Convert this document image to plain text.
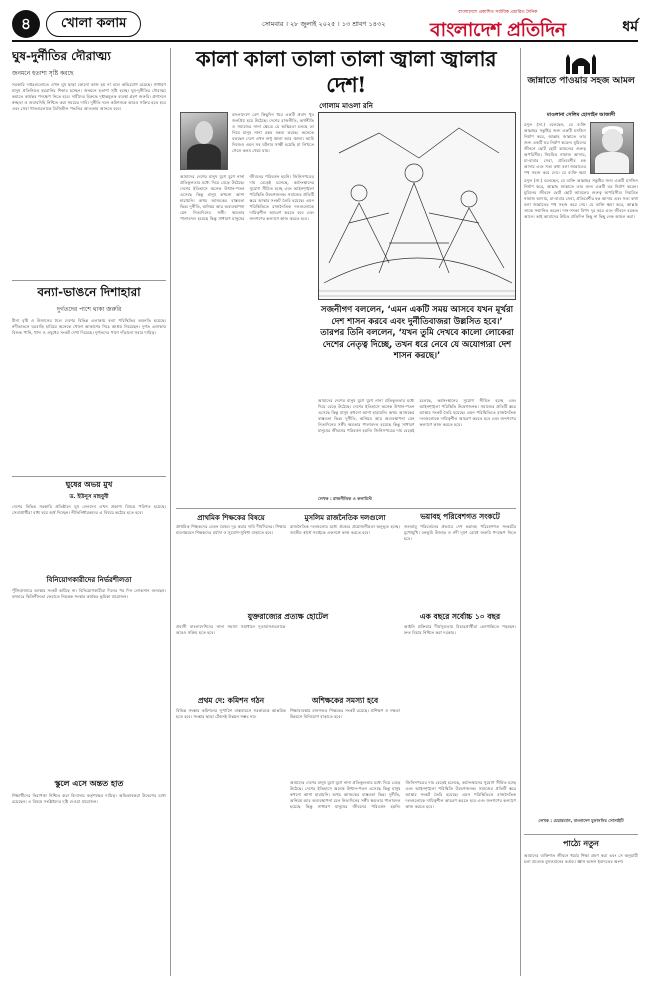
৪	খোলা কলাম	সোমবার । ২৮ জুলাই ২০২৫ । ১৩ শ্রাবণ ১৪৩২
বাংলাদেশে প্রকাশিত সর্বাধিক প্রচারিত দৈনিক
বাংলাদেশ প্রতিদিন	ধর্ম
ঘুষ-দুর্নীতির দৌরাত্ম্য
জনমনে হতাশা সৃষ্টি করছে
সরকারি দপ্তরগুলোতে এখন ঘুষ ছাড়া কোনো কাজ হয় না বলে অভিযোগ রয়েছে। সাধারণ মানুষ প্রতিনিয়ত হয়রানির শিকার হচ্ছেন। জনমনে হতাশা সৃষ্টি হচ্ছে। ঘুষ-দুর্নীতির দৌরাত্ম্য কমাতে কার্যকর পদক্ষেপ নিতে হবে। দায়ীদের বিরুদ্ধে দৃষ্টান্তমূলক ব্যবস্থা গ্রহণ জরুরি। প্রশাসনে স্বচ্ছতা ও জবাবদিহি নিশ্চিত করা সময়ের দাবি। দুর্নীতি দমন কমিশনকে আরও সক্রিয় হতে হবে এবং সেবা খাতগুলোকে ডিজিটাল পদ্ধতির আওতায় আনতে হবে।
বন্যা-ভাঙনে দিশাহারা
দুর্গতদের পাশে থাকা জরুরি
টানা বৃষ্টি ও উজানের ঢলে দেশের বিভিন্ন এলাকায় বন্যা পরিস্থিতির অবনতি হয়েছে। নদীভাঙনে ঘরবাড়ি হারিয়ে অনেকে খোলা আকাশের নিচে আশ্রয় নিয়েছেন। দুর্গত এলাকায় বিশুদ্ধ পানি, খাদ্য ও ওষুধের সংকট দেখা দিয়েছে। দুর্গতদের পাশে দাঁড়ানো সবার দায়িত্ব।
ঘুষের অভয় মুখ
ড. ইউনূস মাহবুবী
দেশের বিভিন্ন সরকারি প্রতিষ্ঠানে ঘুষ লেনদেন এখন প্রকাশ্য বিষয়ে পরিণত হয়েছে। সেবাপ্রার্থীরা বাধ্য হয়ে অর্থ দিচ্ছেন। নীতিনির্ধারকদের এ বিষয়ে কঠোর হতে হবে।
বিনিয়োগকারীদের নির্ভরশীলতা
পুঁজিবাজারে আস্থার সংকট কাটছে না। বিনিয়োগকারীরা দিনের পর দিন লোকসান গুনছেন। বাজারে স্থিতিশীলতা ফেরাতে নিয়ন্ত্রক সংস্থার কার্যকর ভূমিকা প্রয়োজন।
স্কুলে এসে অন্তত হাত
শিক্ষার্থীদের নিরাপত্তা নিশ্চিত করা বিদ্যালয় কর্তৃপক্ষের দায়িত্ব। অভিভাবকরা উদ্বেগের মধ্যে রয়েছেন। এ বিষয়ে সংশ্লিষ্টদের দৃষ্টি দেওয়া প্রয়োজন।
কালা কালা তালা তালা জ্বালা জ্বালার দেশ!
গোলাম মাওলা রনি
বাংলাদেশে বেশ কিছুদিন ধরে একটি প্রবাদ খুব জনপ্রিয় হয়ে উঠেছে। দেশের রাজনীতি, অর্থনীতি ও সমাজের নানা ক্ষেত্রে যে অস্থিরতা চলছে তা নিয়ে মানুষ নানা রকম মন্তব্য করছে। অনেকে বলছেন দেশে এখন শুধু জ্বালা আর জ্বালা। আমি নিজেও এমন সব ঘটনার সাক্ষী হয়েছি যা লিখতে গেলে কলম থেমে যায়।
আমাদের দেশের মানুষ যুগে যুগে নানা প্রতিকূলতার মধ্যে দিয়ে বেড়ে উঠেছে। দেশের ইতিহাসে অনেক উত্থান-পতন এসেছে কিন্তু মানুষ কখনো আশা হারায়নি। অথচ আজকের বাস্তবতা ভিন্ন। দুর্নীতি, অনিয়ম আর অব্যবস্থাপনা যেন নিত্যদিনের সঙ্গী। ক্ষমতার পালাবদল হয়েছে কিন্তু সাধারণ মানুষের জীবনের পরিবর্তন হয়নি। জিনিসপত্রের দাম বেড়েই চলেছে, কর্মসংস্থানের সুযোগ সীমিত হচ্ছে এবং আইনশৃঙ্খলা পরিস্থিতি উদ্বেগজনক। সমাজের প্রতিটি স্তরে আস্থার সংকট তৈরি হয়েছে। এমন পরিস্থিতিতে রাজনৈতিক দলগুলোকে দায়িত্বশীল আচরণ করতে হবে এবং জনগণের কল্যাণে কাজ করতে হবে।
সজনীগণ বললেন, ‘এমন একটি সময় আসবে যখন মূর্খরা দেশ শাসন করবে এবং দুর্নীতিবাজরা উল্লসিত হবে।’ তারপর তিনি বললেন, ‘যখন তুমি দেখবে কালো লোকেরা দেশের নেতৃত্ব দিচ্ছে, তখন ধরে নেবে যে অযোগ্যরা দেশ শাসন করছে।’
আমাদের দেশের মানুষ যুগে যুগে নানা প্রতিকূলতার মধ্যে দিয়ে বেড়ে উঠেছে। দেশের ইতিহাসে অনেক উত্থান-পতন এসেছে কিন্তু মানুষ কখনো আশা হারায়নি। অথচ আজকের বাস্তবতা ভিন্ন। দুর্নীতি, অনিয়ম আর অব্যবস্থাপনা যেন নিত্যদিনের সঙ্গী। ক্ষমতার পালাবদল হয়েছে কিন্তু সাধারণ মানুষের জীবনের পরিবর্তন হয়নি। জিনিসপত্রের দাম বেড়েই চলেছে, কর্মসংস্থানের সুযোগ সীমিত হচ্ছে এবং আইনশৃঙ্খলা পরিস্থিতি উদ্বেগজনক। সমাজের প্রতিটি স্তরে আস্থার সংকট তৈরি হয়েছে। এমন পরিস্থিতিতে রাজনৈতিক দলগুলোকে দায়িত্বশীল আচরণ করতে হবে এবং জনগণের কল্যাণে কাজ করতে হবে।
লেখক : রাজনীতিক ও কলামিস্ট
প্রাথমিক শিক্ষকের বিষয়ে
প্রাথমিক শিক্ষকদের বেতন বৈষম্য দূর করার দাবি দীর্ঘদিনের। শিক্ষার মানোন্নয়নে শিক্ষকদের মর্যাদা ও সুযোগ-সুবিধা বাড়াতে হবে।
মুসলিম রাজনৈতিক দলগুলো
রাজনৈতিক দলগুলোর মধ্যে ঐক্যের প্রয়োজনীয়তা অনুভূত হচ্ছে। জাতীয় স্বার্থে সবাইকে একসঙ্গে কাজ করতে হবে।
ভয়াবহ পরিবেশগত সংকটে
জলবায়ু পরিবর্তনের প্রভাবে দেশ ভয়াবহ পরিবেশগত সংকটের মুখোমুখি। বনভূমি উজাড় ও নদী দূষণ রোধে জরুরি পদক্ষেপ নিতে হবে।
যুক্তরাজ্যের প্রত্যক্ষ হোটেল
প্রবাসী বাংলাদেশিদের নানা সমস্যা সমাধানে দূতাবাসগুলোকে আরও সক্রিয় হতে হবে।
অশিক্ষকের সমস্যা হবে
শিক্ষাব্যবস্থায় মানসম্মত শিক্ষকের সংকট রয়েছে। প্রশিক্ষণ ও দক্ষতা উন্নয়নে বিনিয়োগ বাড়াতে হবে।
এক বছরে সর্বোচ্চ ১০ বছর
আইনি প্রক্রিয়ার দীর্ঘসূত্রতায় বিচারপ্রার্থীরা ভোগান্তিতে পড়ছেন। দ্রুত বিচার নিশ্চিত করা দরকার।
প্রথম দে: কমিশন গঠন
বিভিন্ন সংস্কার কমিশনের সুপারিশ বাস্তবায়নে সরকারকে আন্তরিক হতে হবে। সংস্কার ছাড়া টেকসই উন্নয়ন সম্ভব নয়।
আমাদের দেশের মানুষ যুগে যুগে নানা প্রতিকূলতার মধ্যে দিয়ে বেড়ে উঠেছে। দেশের ইতিহাসে অনেক উত্থান-পতন এসেছে কিন্তু মানুষ কখনো আশা হারায়নি। অথচ আজকের বাস্তবতা ভিন্ন। দুর্নীতি, অনিয়ম আর অব্যবস্থাপনা যেন নিত্যদিনের সঙ্গী। ক্ষমতার পালাবদল হয়েছে কিন্তু সাধারণ মানুষের জীবনের পরিবর্তন হয়নি। জিনিসপত্রের দাম বেড়েই চলেছে, কর্মসংস্থানের সুযোগ সীমিত হচ্ছে এবং আইনশৃঙ্খলা পরিস্থিতি উদ্বেগজনক। সমাজের প্রতিটি স্তরে আস্থার সংকট তৈরি হয়েছে। এমন পরিস্থিতিতে রাজনৈতিক দলগুলোকে দায়িত্বশীল আচরণ করতে হবে এবং জনগণের কল্যাণে কাজ করতে হবে।
জান্নাতে পাওয়ার সহজ আমল
মাওলানা সেলিম হোসাইন আজাদী
রসুল (সা.) বলেছেন, যে ব্যক্তি আল্লাহর সন্তুষ্টির জন্য একটি মসজিদ নির্মাণ করে, আল্লাহ জান্নাতে তার জন্য একটি ঘর নির্মাণ করেন। মুমিনের জীবনে ছোট ছোট আমলের গুরুত্ব অপরিসীম। নিয়মিত নামাজ আদায়, মা-বাবার সেবা, প্রতিবেশীর হক আদায় এবং সত্য কথা বলা জান্নাতের পথ সহজ করে দেয়। যে ব্যক্তি ক্ষমা
রসুল (সা.) বলেছেন, যে ব্যক্তি আল্লাহর সন্তুষ্টির জন্য একটি মসজিদ নির্মাণ করে, আল্লাহ জান্নাতে তার জন্য একটি ঘর নির্মাণ করেন। মুমিনের জীবনে ছোট ছোট আমলের গুরুত্ব অপরিসীম। নিয়মিত নামাজ আদায়, মা-বাবার সেবা, প্রতিবেশীর হক আদায় এবং সত্য কথা বলা জান্নাতের পথ সহজ করে দেয়। যে ব্যক্তি ক্ষমা করে, আল্লাহ তাকে সম্মানিত করেন। দান-সদকা বিপদ দূর করে এবং জীবনে বরকত আনে। তাই আমাদের উচিত প্রতিদিন কিছু না কিছু নেক আমল করা।
লেখক : চেয়ারম্যান, বাংলাদেশ মুফাসসির সোসাইটি
পাঠ্যে নতুন
আমাদের ব্যক্তিগত জীবনে ধর্মের শিক্ষা গ্রহণ করা এবং সে অনুযায়ী চলা প্রত্যেক মুসলমানের কর্তব্য। জ্ঞান অর্জন ইবাদতের অংশ।
